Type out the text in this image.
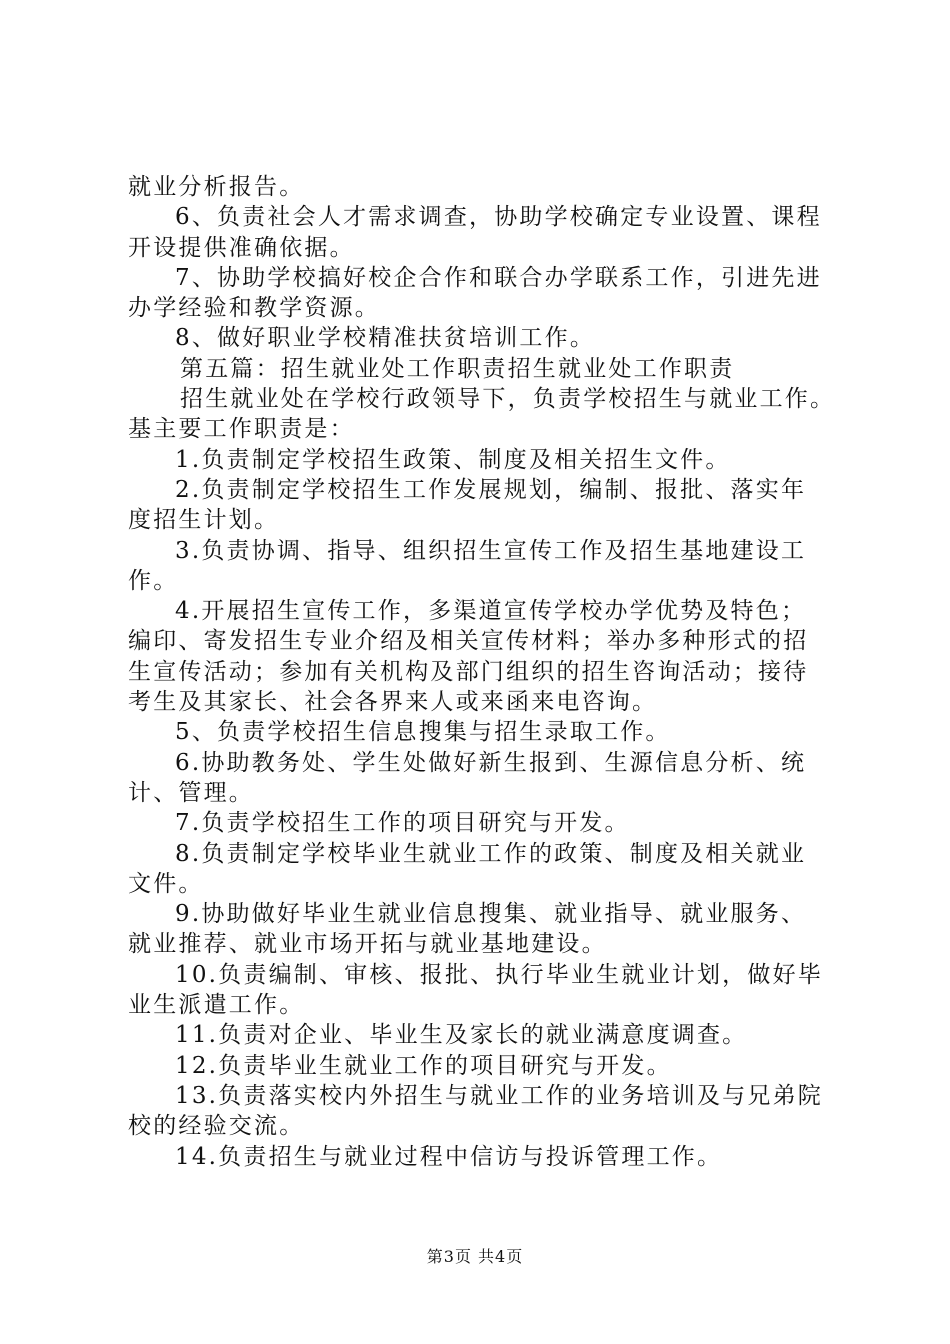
就业分析报告。
6、负责社会人才需求调查，协助学校确定专业设置、课程
开设提供准确依据。
7、协助学校搞好校企合作和联合办学联系工作，引进先进
办学经验和教学资源。
8、做好职业学校精准扶贫培训工作。
第五篇：招生就业处工作职责招生就业处工作职责
招生就业处在学校行政领导下，负责学校招生与就业工作。
基主要工作职责是：
1.负责制定学校招生政策、制度及相关招生文件。
2.负责制定学校招生工作发展规划，编制、报批、落实年
度招生计划。
3.负责协调、指导、组织招生宣传工作及招生基地建设工
作。
4.开展招生宣传工作，多渠道宣传学校办学优势及特色；
编印、寄发招生专业介绍及相关宣传材料；举办多种形式的招
生宣传活动；参加有关机构及部门组织的招生咨询活动；接待
考生及其家长、社会各界来人或来函来电咨询。
5、负责学校招生信息搜集与招生录取工作。
6.协助教务处、学生处做好新生报到、生源信息分析、统
计、管理。
7.负责学校招生工作的项目研究与开发。
8.负责制定学校毕业生就业工作的政策、制度及相关就业
文件。
9.协助做好毕业生就业信息搜集、就业指导、就业服务、
就业推荐、就业市场开拓与就业基地建设。
10.负责编制、审核、报批、执行毕业生就业计划，做好毕
业生派遣工作。
11.负责对企业、毕业生及家长的就业满意度调查。
12.负责毕业生就业工作的项目研究与开发。
13.负责落实校内外招生与就业工作的业务培训及与兄弟院
校的经验交流。
14.负责招生与就业过程中信访与投诉管理工作。
第3页 共4页
